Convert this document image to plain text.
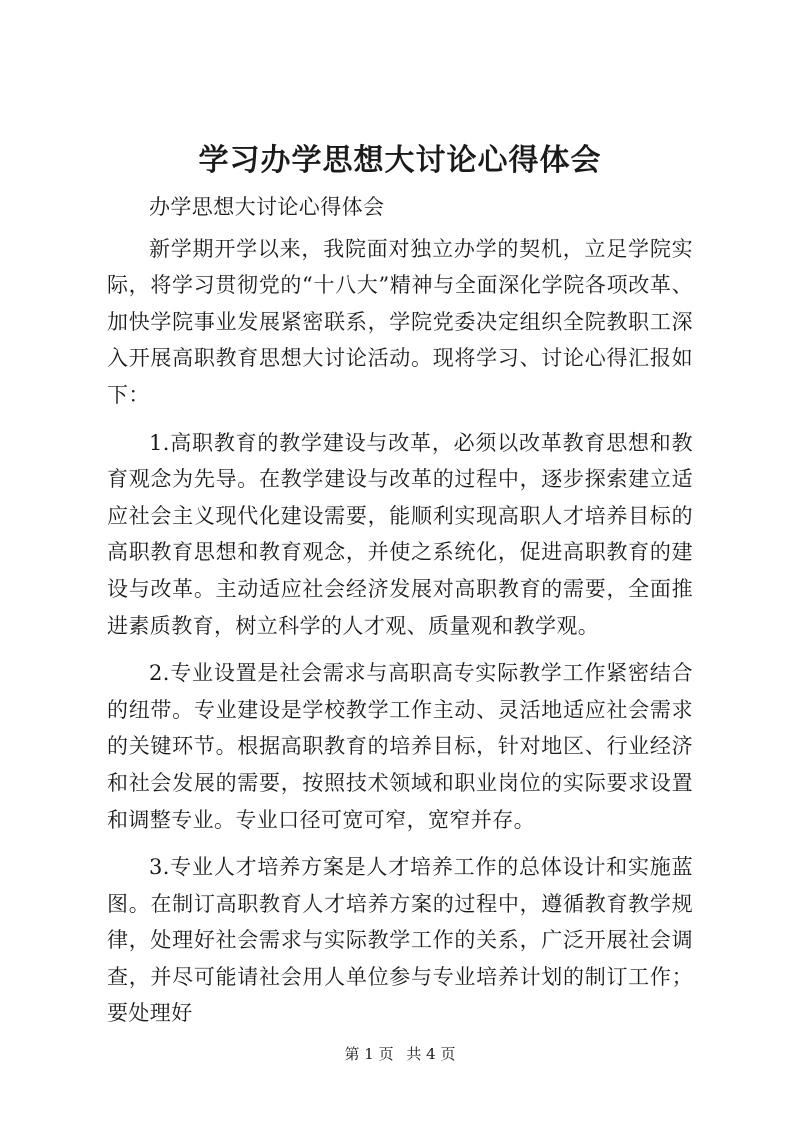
学习办学思想大讨论心得体会

办学思想大讨论心得体会

新学期开学以来，我院面对独立办学的契机，立足学院实际，将学习贯彻党的“十八大”精神与全面深化学院各项改革、加快学院事业发展紧密联系，学院党委决定组织全院教职工深入开展高职教育思想大讨论活动。现将学习、讨论心得汇报如下：

1.高职教育的教学建设与改革，必须以改革教育思想和教育观念为先导。在教学建设与改革的过程中，逐步探索建立适应社会主义现代化建设需要，能顺利实现高职人才培养目标的高职教育思想和教育观念，并使之系统化，促进高职教育的建设与改革。主动适应社会经济发展对高职教育的需要，全面推进素质教育，树立科学的人才观、质量观和教学观。

2.专业设置是社会需求与高职高专实际教学工作紧密结合的纽带。专业建设是学校教学工作主动、灵活地适应社会需求的关键环节。根据高职教育的培养目标，针对地区、行业经济和社会发展的需要，按照技术领域和职业岗位的实际要求设置和调整专业。专业口径可宽可窄，宽窄并存。

3.专业人才培养方案是人才培养工作的总体设计和实施蓝图。在制订高职教育人才培养方案的过程中，遵循教育教学规律，处理好社会需求与实际教学工作的关系，广泛开展社会调查，并尽可能请社会用人单位参与专业培养计划的制订工作；要处理好

第 1 页 共 4 页
